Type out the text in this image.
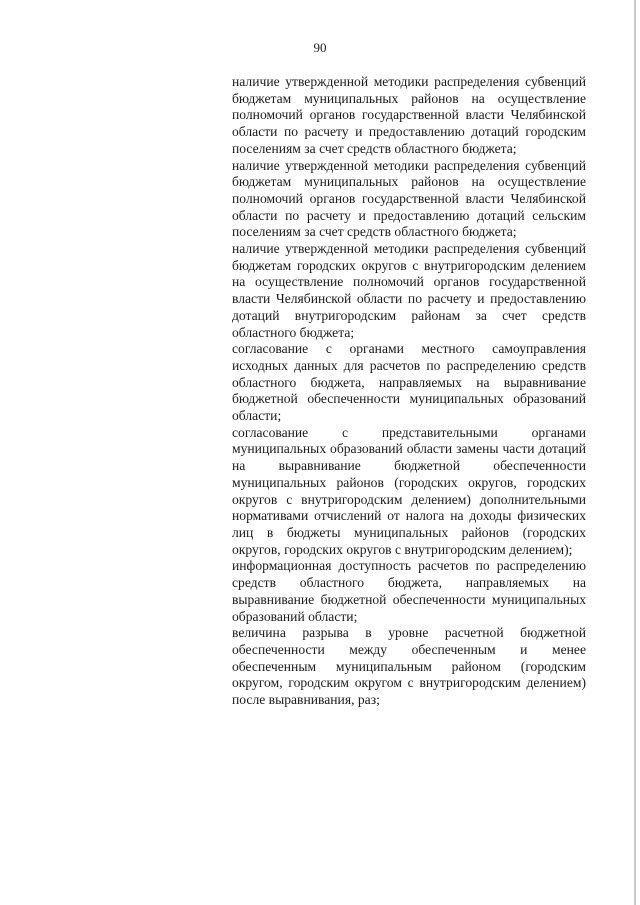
90

наличие утвержденной методики распределения субвенций бюджетам муниципальных районов на осуществление полномочий органов государственной власти Челябинской области по расчету и предоставлению дотаций городским поселениям за счет средств областного бюджета;

наличие утвержденной методики распределения субвенций бюджетам муниципальных районов на осуществление полномочий органов государственной власти Челябинской области по расчету и предоставлению дотаций сельским поселениям за счет средств областного бюджета;

наличие утвержденной методики распределения субвенций бюджетам городских округов с внутригородским делением на осуществление полномочий органов государственной власти Челябинской области по расчету и предоставлению дотаций внутригородским районам за счет средств областного бюджета;

согласование с органами местного самоуправления исходных данных для расчетов по распределению средств областного бюджета, направляемых на выравнивание бюджетной обеспеченности муниципальных образований области;

согласование с представительными органами муниципальных образований области замены части дотаций на выравнивание бюджетной обеспеченности муниципальных районов (городских округов, городских округов с внутригородским делением) дополнительными нормативами отчислений от налога на доходы физических лиц в бюджеты муниципальных районов (городских округов, городских округов с внутригородским делением);

информационная доступность расчетов по распределению средств областного бюджета, направляемых на выравнивание бюджетной обеспеченности муниципальных образований области;

величина разрыва в уровне расчетной бюджетной обеспеченности между обеспеченным и менее обеспеченным муниципальным районом (городским округом, городским округом с внутригородским делением) после выравнивания, раз;
